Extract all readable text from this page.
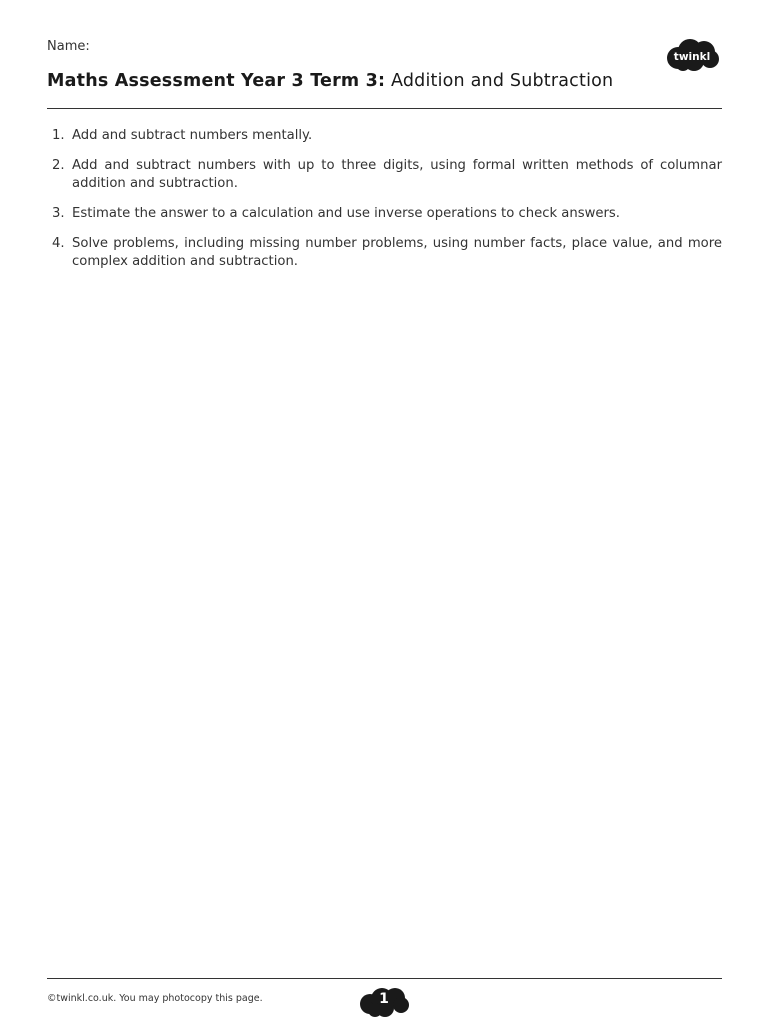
Name:
twinkl
Maths Assessment Year 3 Term 3: Addition and Subtraction
1. Add and subtract numbers mentally.
2. Add and subtract numbers with up to three digits, using formal written methods of columnar addition and subtraction.
3. Estimate the answer to a calculation and use inverse operations to check answers.
4. Solve problems, including missing number problems, using number facts, place value, and more complex addition and subtraction.
©twinkl.co.uk. You may photocopy this page.	1
